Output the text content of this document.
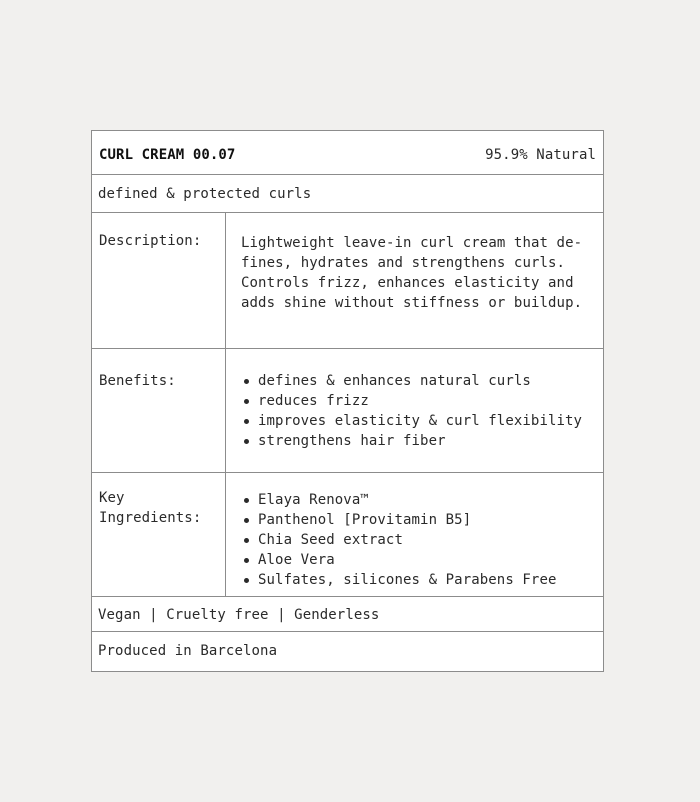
CURL CREAM 00.07	95.9% Natural
defined & protected curls
Description:	Lightweight leave-in curl cream that de-
fines, hydrates and strengthens curls.
Controls frizz, enhances elasticity and
adds shine without stiffness or buildup.
Benefits:	defines & enhances natural curls
reduces frizz
improves elasticity & curl flexibility
strengthens hair fiber
Key
Ingredients:
Elaya Renova™
Panthenol [Provitamin B5]
Chia Seed extract
Aloe Vera
Sulfates, silicones & Parabens Free
Vegan | Cruelty free | Genderless
Produced in Barcelona
